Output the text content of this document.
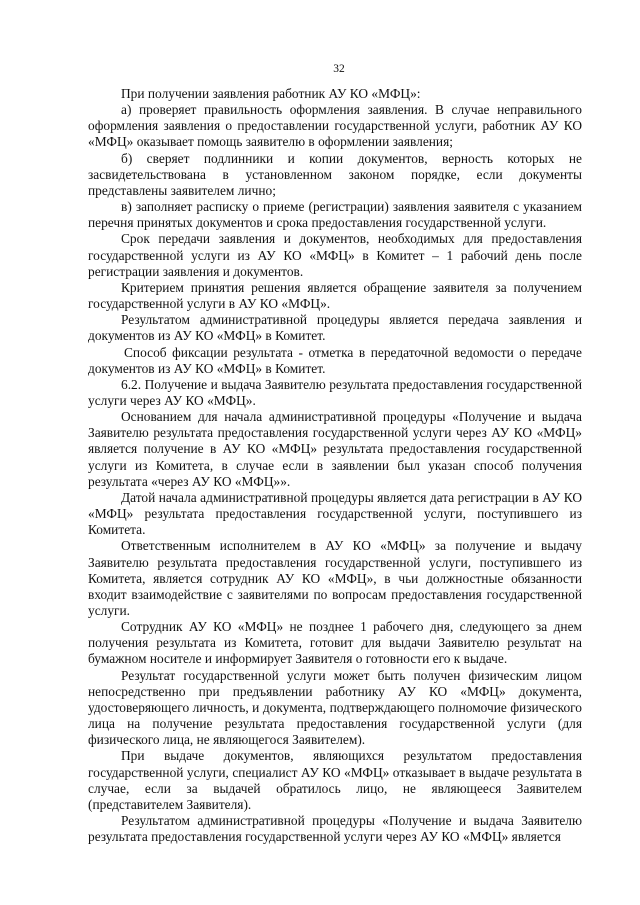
32

При получении заявления работник АУ КО «МФЦ»:

а) проверяет правильность оформления заявления. В случае неправильного оформления заявления о предоставлении государственной услуги, работник АУ КО «МФЦ» оказывает помощь заявителю в оформлении заявления;

б) сверяет подлинники и копии документов, верность которых не засвидетельствована в установленном законом порядке, если документы представлены заявителем лично;

в) заполняет расписку о приеме (регистрации) заявления заявителя с указанием перечня принятых документов и срока предоставления государственной услуги.

Срок передачи заявления и документов, необходимых для предоставления государственной услуги из АУ КО «МФЦ» в Комитет – 1 рабочий день после регистрации заявления и документов.

Критерием принятия решения является обращение заявителя за получением государственной услуги в АУ КО «МФЦ».

Результатом административной процедуры является передача заявления и документов из АУ КО «МФЦ» в Комитет.

Способ фиксации результата - отметка в передаточной ведомости о передаче документов из АУ КО «МФЦ» в Комитет.

6.2. Получение и выдача Заявителю результата предоставления государственной услуги через АУ КО «МФЦ».

Основанием для начала административной процедуры «Получение и выдача Заявителю результата предоставления государственной услуги через АУ КО «МФЦ» является получение в АУ КО «МФЦ» результата предоставления государственной услуги из Комитета, в случае если в заявлении был указан способ получения результата «через АУ КО «МФЦ»».

Датой начала административной процедуры является дата регистрации в АУ КО «МФЦ» результата предоставления государственной услуги, поступившего из Комитета.

Ответственным исполнителем в АУ КО «МФЦ» за получение и выдачу Заявителю результата предоставления государственной услуги, поступившего из Комитета, является сотрудник АУ КО «МФЦ», в чьи должностные обязанности входит взаимодействие с заявителями по вопросам предоставления государственной услуги.

Сотрудник АУ КО «МФЦ» не позднее 1 рабочего дня, следующего за днем получения результата из Комитета, готовит для выдачи Заявителю результат на бумажном носителе и информирует Заявителя о готовности его к выдаче.

Результат государственной услуги может быть получен физическим лицом непосредственно при предъявлении работнику АУ КО «МФЦ» документа, удостоверяющего личность, и документа, подтверждающего полномочие физического лица на получение результата предоставления государственной услуги (для физического лица, не являющегося Заявителем).

При выдаче документов, являющихся результатом предоставления государственной услуги, специалист АУ КО «МФЦ» отказывает в выдаче результата в случае, если за выдачей обратилось лицо, не являющееся Заявителем (представителем Заявителя).

Результатом административной процедуры «Получение и выдача Заявителю результата предоставления государственной услуги через АУ КО «МФЦ» является
